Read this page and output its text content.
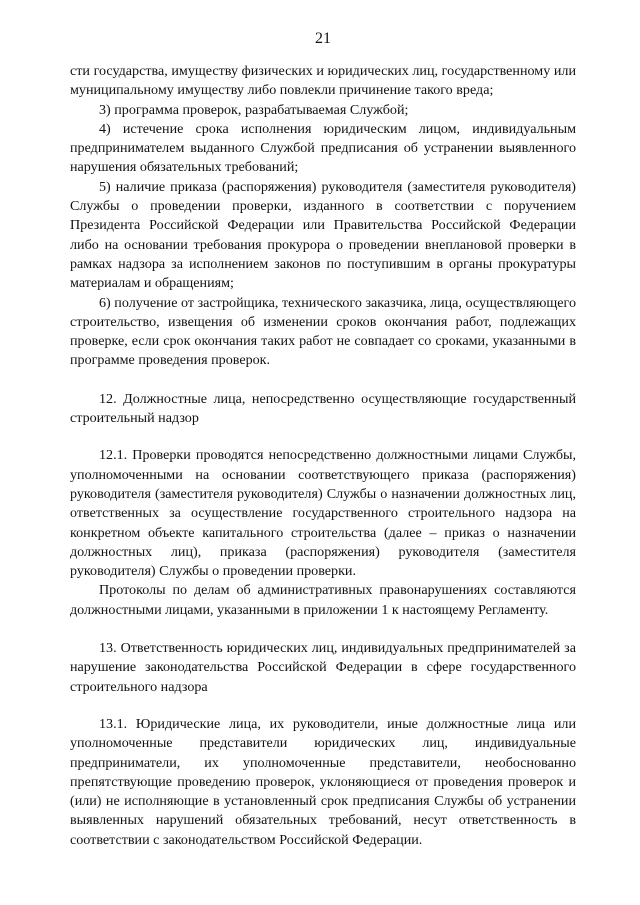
21

сти государства, имуществу физических и юридических лиц, государственному или муниципальному имуществу либо повлекли причинение такого вреда;

3) программа проверок, разрабатываемая Службой;

4) истечение срока исполнения юридическим лицом, индивидуальным предпринимателем выданного Службой предписания об устранении выявленного нарушения обязательных требований;

5) наличие приказа (распоряжения) руководителя (заместителя руководителя) Службы о проведении проверки, изданного в соответствии с поручением Президента Российской Федерации или Правительства Российской Федерации либо на основании требования прокурора о проведении внеплановой проверки в рамках надзора за исполнением законов по поступившим в органы прокуратуры материалам и обращениям;

6) получение от застройщика, технического заказчика, лица, осуществляющего строительство, извещения об изменении сроков окончания работ, подлежащих проверке, если срок окончания таких работ не совпадает со сроками, указанными в программе проведения проверок.

12. Должностные лица, непосредственно осуществляющие государственный строительный надзор

12.1. Проверки проводятся непосредственно должностными лицами Службы, уполномоченными на основании соответствующего приказа (распоряжения) руководителя (заместителя руководителя) Службы о назначении должностных лиц, ответственных за осуществление государственного строительного надзора на конкретном объекте капитального строительства (далее – приказ о назначении должностных лиц), приказа (распоряжения) руководителя (заместителя руководителя) Службы о проведении проверки.

Протоколы по делам об административных правонарушениях составляются должностными лицами, указанными в приложении 1 к настоящему Регламенту.

13. Ответственность юридических лиц, индивидуальных предпринимателей за нарушение законодательства Российской Федерации в сфере государственного строительного надзора

13.1. Юридические лица, их руководители, иные должностные лица или уполномоченные представители юридических лиц, индивидуальные предприниматели, их уполномоченные представители, необоснованно препятствующие проведению проверок, уклоняющиеся от проведения проверок и (или) не исполняющие в установленный срок предписания Службы об устранении выявленных нарушений обязательных требований, несут ответственность в соответствии с законодательством Российской Федерации.
